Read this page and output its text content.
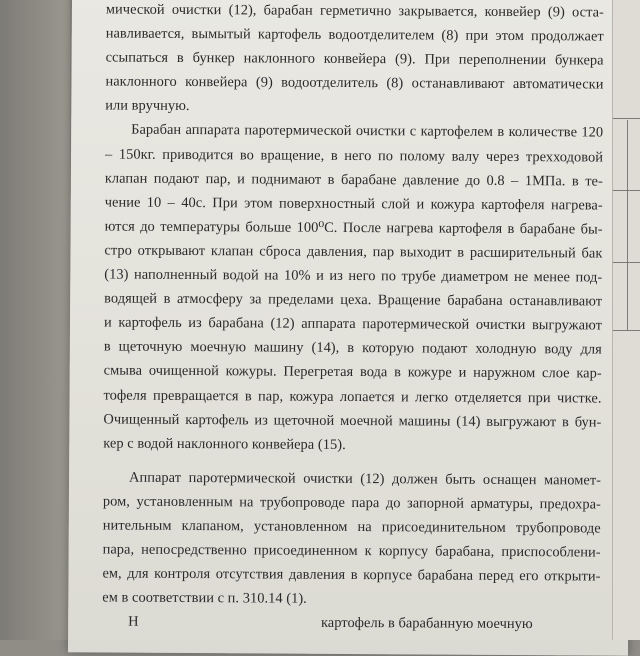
мической очистки (12), барабан герметично закрывается, конвейер (9) оста-
навливается, вымытый картофель водоотделителем (8) при этом продолжает
ссыпаться в бункер наклонного конвейера (9). При переполнении бункера
наклонного конвейера (9) водоотделитель (8) останавливают автоматически
или вручную.
Барабан аппарата паротермической очистки с картофелем в количестве 120
– 150кг. приводится во вращение, в него по полому валу через трехходовой
клапан подают пар, и поднимают в барабане давление до 0.8 – 1МПа. в те-
чение 10 – 40с. При этом поверхностный слой и кожура картофеля нагрева-
ются до температуры больше 100⁰С. После нагрева картофеля в барабане бы-
стро открывают клапан сброса давления, пар выходит в расширительный бак
(13) наполненный водой на 10% и из него по трубе диаметром не менее под-
водящей в атмосферу за пределами цеха. Вращение барабана останавливают
и картофель из барабана (12) аппарата паротермической очистки выгружают
в щеточную моечную машину (14), в которую подают холодную воду для
смыва очищенной кожуры. Перегретая вода в кожуре и наружном слое кар-
тофеля превращается в пар, кожура лопается и легко отделяется при чистке.
Очищенный картофель из щеточной моечной машины (14) выгружают в бун-
кер с водой наклонного конвейера (15).
Аппарат паротермической очистки (12) должен быть оснащен маномет-
ром, установленным на трубопроводе пара до запорной арматуры, предохра-
нительным клапаном, установленном на присоединительном трубопроводе
пара, непосредственно присоединенном к корпусу барабана, приспособлени-
ем, для контроля отсутствия давления в корпусе барабана перед его открыти-
ем в соответствии с п. 310.14 (1).
Н                                                  картофель в барабанную моечную
